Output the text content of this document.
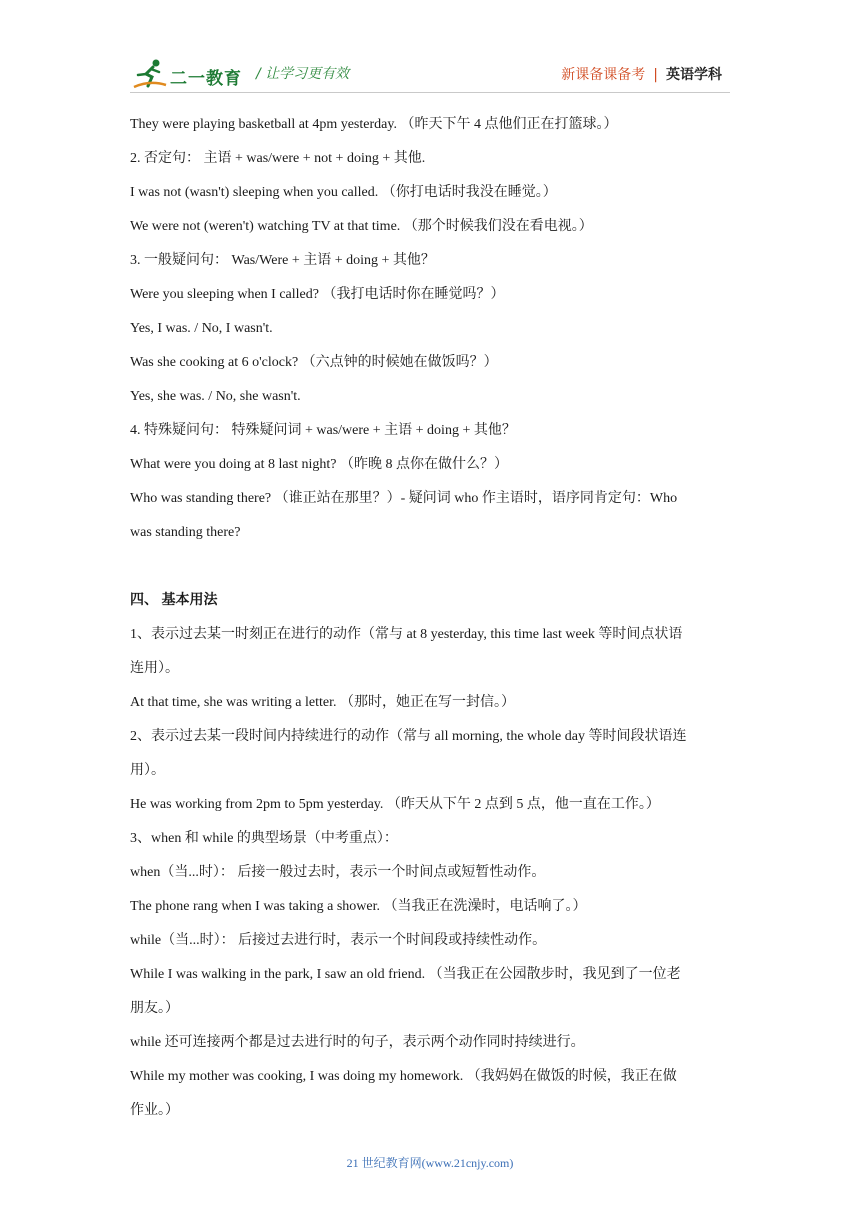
二一教育 / 让学习更有效	新课备课备考 | 英语学科
They were playing basketball at 4pm yesterday. （昨天下午 4 点他们正在打篮球。）
2. 否定句： 主语 + was/were + not + doing + 其他.
I was not (wasn't) sleeping when you called. （你打电话时我没在睡觉。）
We were not (weren't) watching TV at that time. （那个时候我们没在看电视。）
3. 一般疑问句： Was/Were + 主语 + doing + 其他？
Were you sleeping when I called? （我打电话时你在睡觉吗？）
Yes, I was. / No, I wasn't.
Was she cooking at 6 o'clock? （六点钟的时候她在做饭吗？）
Yes, she was. / No, she wasn't.
4. 特殊疑问句： 特殊疑问词 + was/were + 主语 + doing + 其他？
What were you doing at 8 last night? （昨晚 8 点你在做什么？）
Who was standing there? （谁正站在那里？）- 疑问词 who 作主语时，语序同肯定句：Who
was standing there?
四、 基本用法
1、表示过去某一时刻正在进行的动作（常与 at 8 yesterday, this time last week 等时间点状语
连用）。
At that time, she was writing a letter. （那时，她正在写一封信。）
2、表示过去某一段时间内持续进行的动作（常与 all morning, the whole day 等时间段状语连
用）。
He was working from 2pm to 5pm yesterday. （昨天从下午 2 点到 5 点，他一直在工作。）
3、when 和 while 的典型场景（中考重点）：
when（当...时）： 后接一般过去时，表示一个时间点或短暂性动作。
The phone rang when I was taking a shower. （当我正在洗澡时，电话响了。）
while（当...时）： 后接过去进行时，表示一个时间段或持续性动作。
While I was walking in the park, I saw an old friend. （当我正在公园散步时，我见到了一位老
朋友。）
while 还可连接两个都是过去进行时的句子，表示两个动作同时持续进行。
While my mother was cooking, I was doing my homework. （我妈妈在做饭的时候，我正在做
作业。）
21 世纪教育网(www.21cnjy.com)
